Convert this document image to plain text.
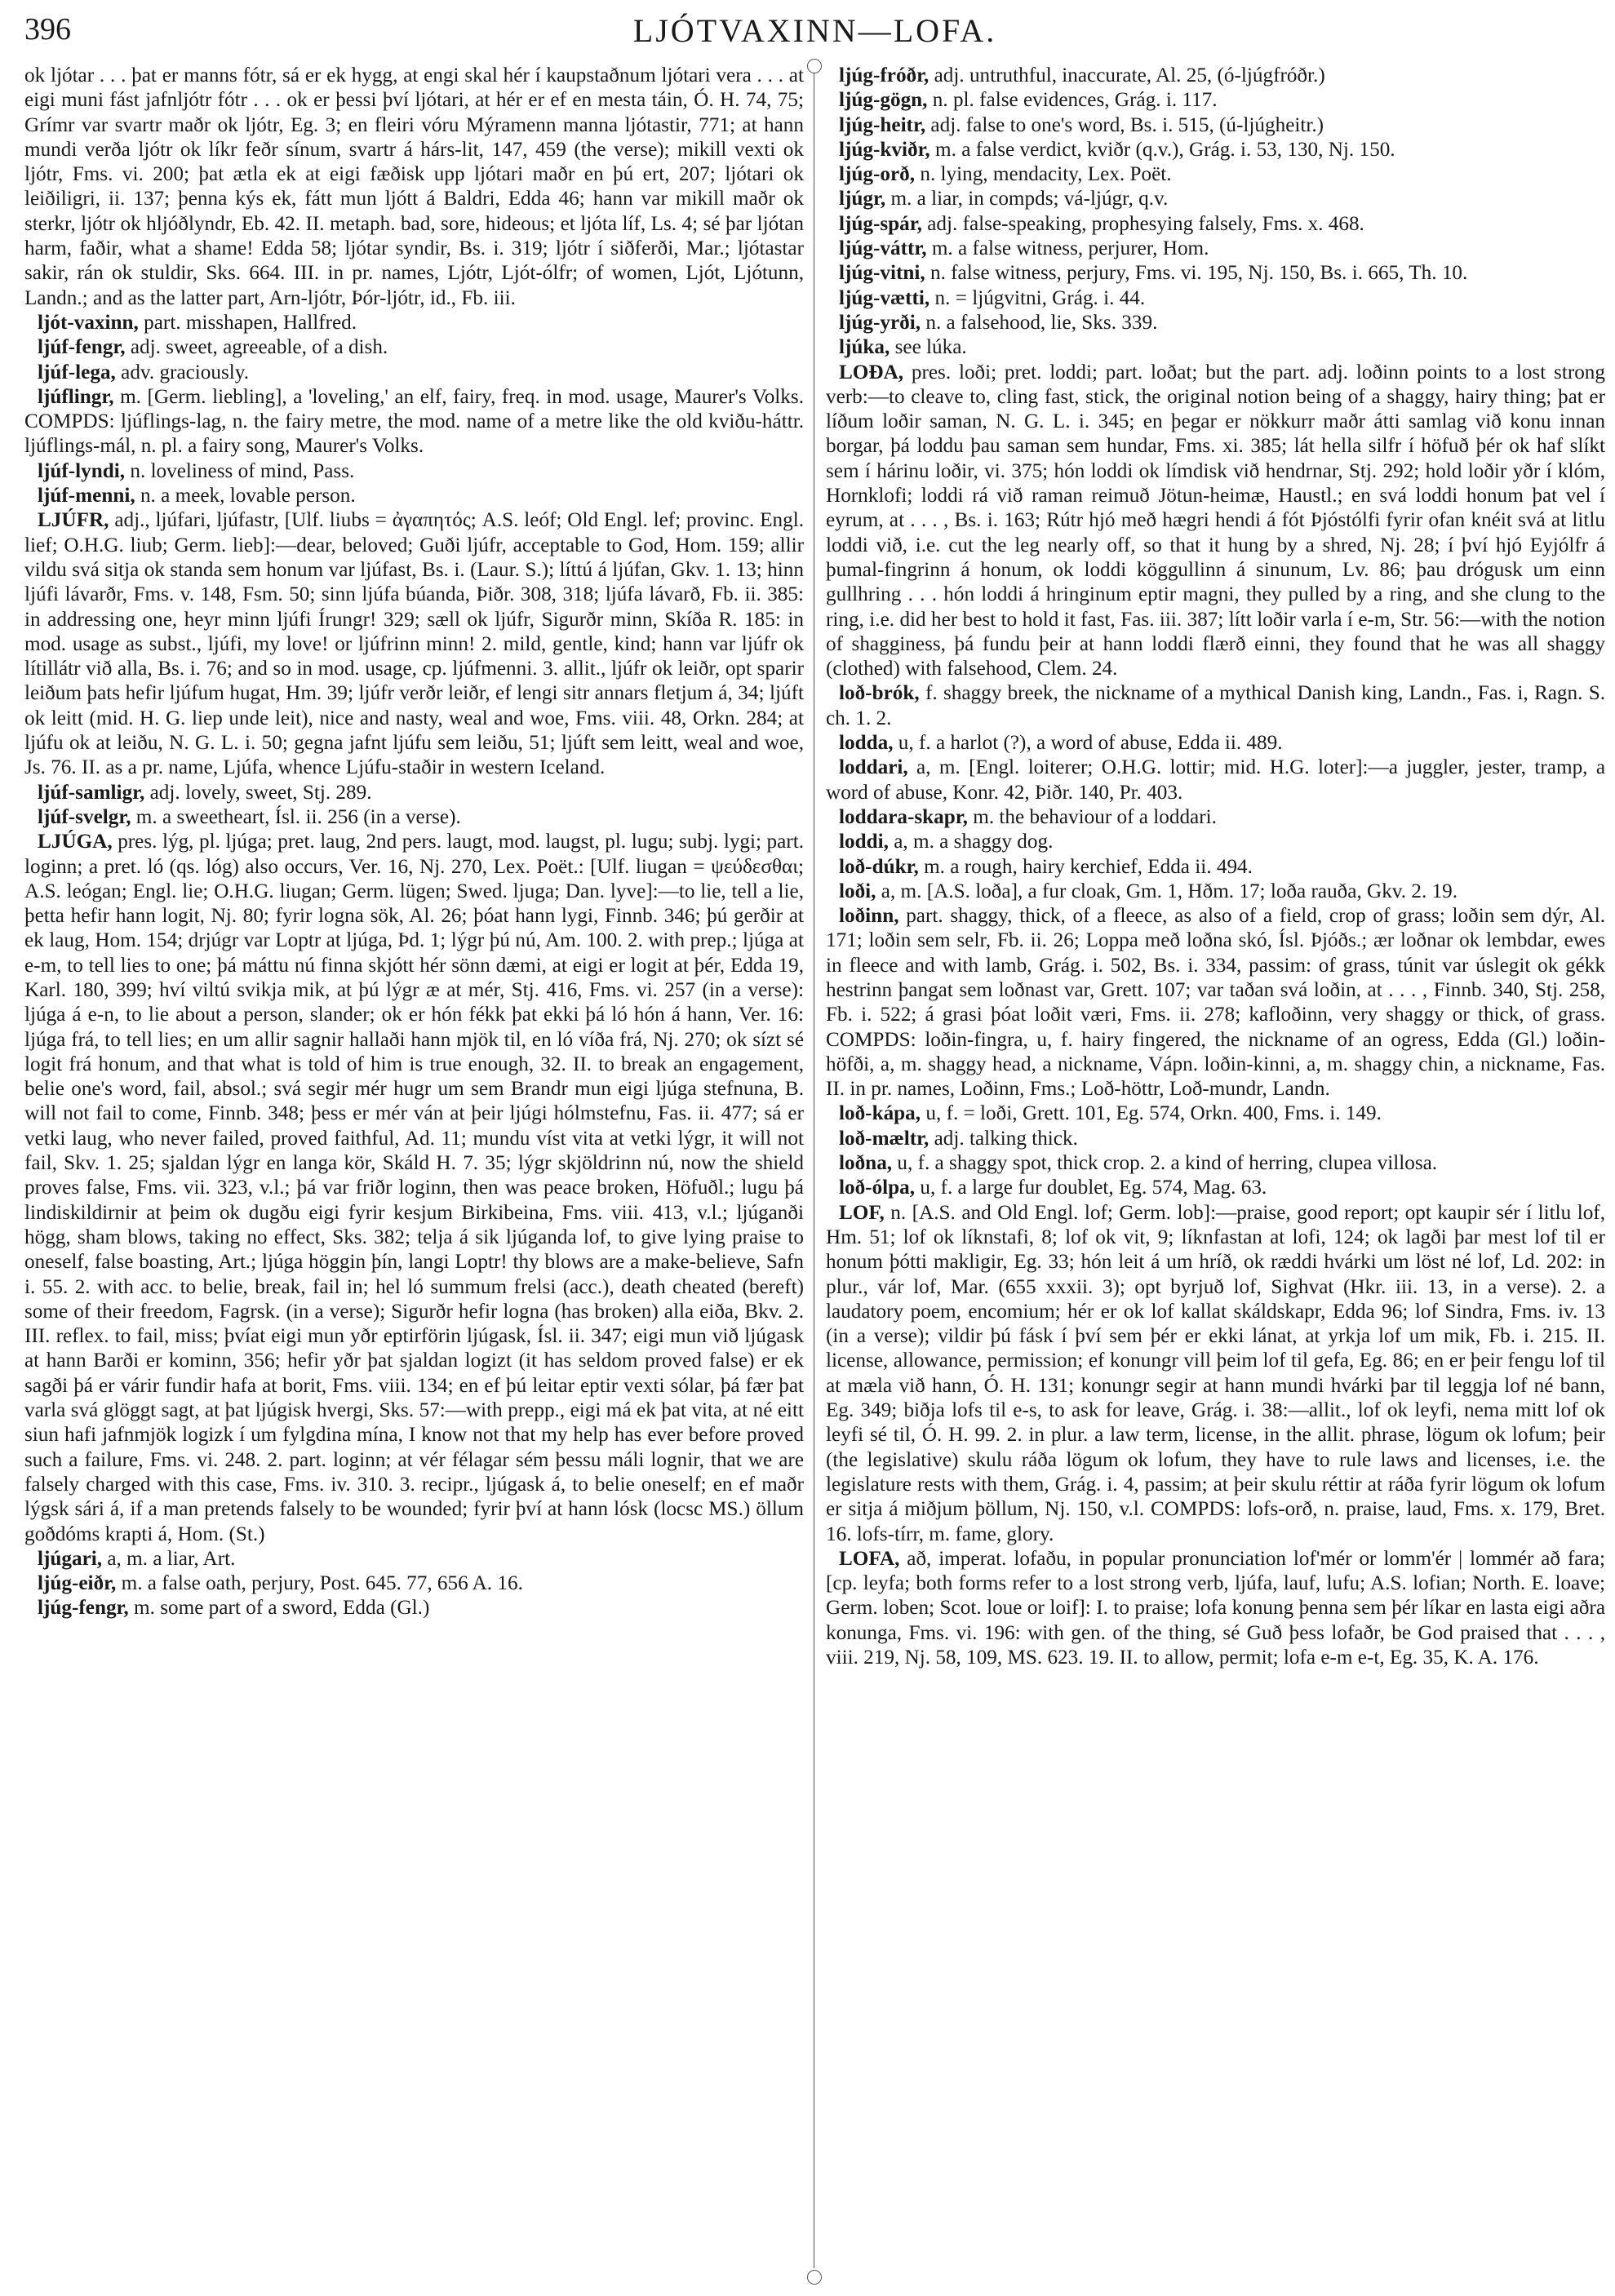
396	LJÓTVAXINN—LOFA.

ok ljótar . . . þat er manns fótr, sá er ek hygg, at engi skal hér í kaupstaðnum ljótari vera . . . at eigi muni fást jafnljótr fótr . . . ok er þessi því ljótari, at hér er ef en mesta táin, Ó. H. 74, 75; Grímr var svartr maðr ok ljótr, Eg. 3; en fleiri vóru Mýramenn manna ljótastir, 771; at hann mundi verða ljótr ok líkr feðr sínum, svartr á hárs-lit, 147, 459 (the verse); mikill vexti ok ljótr, Fms. vi. 200; þat ætla ek at eigi fæðisk upp ljótari maðr en þú ert, 207; ljótari ok leiðiligri, ii. 137; þenna kýs ek, fátt mun ljótt á Baldri, Edda 46; hann var mikill maðr ok sterkr, ljótr ok hljóðlyndr, Eb. 42. II. metaph. bad, sore, hideous; et ljóta líf, Ls. 4; sé þar ljótan harm, faðir, what a shame! Edda 58; ljótar syndir, Bs. i. 319; ljótr í siðferði, Mar.; ljótastar sakir, rán ok stuldir, Sks. 664. III. in pr. names, Ljótr, Ljót-ólfr; of women, Ljót, Ljótunn, Landn.; and as the latter part, Arn-ljótr, Þór-ljótr, id., Fb. iii.

ljót-vaxinn, part. misshapen, Hallfred.

ljúf-fengr, adj. sweet, agreeable, of a dish.

ljúf-lega, adv. graciously.

ljúflingr, m. [Germ. liebling], a 'loveling,' an elf, fairy, freq. in mod. usage, Maurer's Volks. COMPDS: ljúflings-lag, n. the fairy metre, the mod. name of a metre like the old kviðu-háttr. ljúflings-mál, n. pl. a fairy song, Maurer's Volks.

ljúf-lyndi, n. loveliness of mind, Pass.

ljúf-menni, n. a meek, lovable person.

LJÚFR, adj., ljúfari, ljúfastr, [Ulf. liubs = ἀγαπητός; A.S. leóf; Old Engl. lef; provinc. Engl. lief; O.H.G. liub; Germ. lieb]:—dear, beloved; Guði ljúfr, acceptable to God, Hom. 159; allir vildu svá sitja ok standa sem honum var ljúfast, Bs. i. (Laur. S.); líttú á ljúfan, Gkv. 1. 13; hinn ljúfi lávarðr, Fms. v. 148, Fsm. 50; sinn ljúfa búanda, Þiðr. 308, 318; ljúfa lávarð, Fb. ii. 385: in addressing one, heyr minn ljúfi Írungr! 329; sæll ok ljúfr, Sigurðr minn, Skíða R. 185: in mod. usage as subst., ljúfi, my love! or ljúfrinn minn! 2. mild, gentle, kind; hann var ljúfr ok lítillátr við alla, Bs. i. 76; and so in mod. usage, cp. ljúfmenni. 3. allit., ljúfr ok leiðr, opt sparir leiðum þats hefir ljúfum hugat, Hm. 39; ljúfr verðr leiðr, ef lengi sitr annars fletjum á, 34; ljúft ok leitt (mid. H. G. liep unde leit), nice and nasty, weal and woe, Fms. viii. 48, Orkn. 284; at ljúfu ok at leiðu, N. G. L. i. 50; gegna jafnt ljúfu sem leiðu, 51; ljúft sem leitt, weal and woe, Js. 76. II. as a pr. name, Ljúfa, whence Ljúfu-staðir in western Iceland.

ljúf-samligr, adj. lovely, sweet, Stj. 289.

ljúf-svelgr, m. a sweetheart, Ísl. ii. 256 (in a verse).

LJÚGA, pres. lýg, pl. ljúga; pret. laug, 2nd pers. laugt, mod. laugst, pl. lugu; subj. lygi; part. loginn; a pret. ló (qs. lóg) also occurs, Ver. 16, Nj. 270, Lex. Poët.: [Ulf. liugan = ψεύδεσθαι; A.S. leógan; Engl. lie; O.H.G. liugan; Germ. lügen; Swed. ljuga; Dan. lyve]:—to lie, tell a lie, þetta hefir hann logit, Nj. 80; fyrir logna sök, Al. 26; þóat hann lygi, Finnb. 346; þú gerðir at ek laug, Hom. 154; drjúgr var Loptr at ljúga, Þd. 1; lýgr þú nú, Am. 100. 2. with prep.; ljúga at e-m, to tell lies to one; þá máttu nú finna skjótt hér sönn dæmi, at eigi er logit at þér, Edda 19, Karl. 180, 399; hví viltú svikja mik, at þú lýgr æ at mér, Stj. 416, Fms. vi. 257 (in a verse): ljúga á e-n, to lie about a person, slander; ok er hón fékk þat ekki þá ló hón á hann, Ver. 16: ljúga frá, to tell lies; en um allir sagnir hallaði hann mjök til, en ló víða frá, Nj. 270; ok sízt sé logit frá honum, and that what is told of him is true enough, 32. II. to break an engagement, belie one's word, fail, absol.; svá segir mér hugr um sem Brandr mun eigi ljúga stefnuna, B. will not fail to come, Finnb. 348; þess er mér ván at þeir ljúgi hólmstefnu, Fas. ii. 477; sá er vetki laug, who never failed, proved faithful, Ad. 11; mundu víst vita at vetki lýgr, it will not fail, Skv. 1. 25; sjaldan lýgr en langa kör, Skáld H. 7. 35; lýgr skjöldrinn nú, now the shield proves false, Fms. vii. 323, v.l.; þá var friðr loginn, then was peace broken, Höfuðl.; lugu þá lindiskildirnir at þeim ok dugðu eigi fyrir kesjum Birkibeina, Fms. viii. 413, v.l.; ljúganði högg, sham blows, taking no effect, Sks. 382; telja á sik ljúganda lof, to give lying praise to oneself, false boasting, Art.; ljúga höggin þín, langi Loptr! thy blows are a make-believe, Safn i. 55. 2. with acc. to belie, break, fail in; hel ló summum frelsi (acc.), death cheated (bereft) some of their freedom, Fagrsk. (in a verse); Sigurðr hefir logna (has broken) alla eiða, Bkv. 2. III. reflex. to fail, miss; þvíat eigi mun yðr eptirförin ljúgask, Ísl. ii. 347; eigi mun við ljúgask at hann Barði er kominn, 356; hefir yðr þat sjaldan logizt (it has seldom proved false) er ek sagði þá er várir fundir hafa at borit, Fms. viii. 134; en ef þú leitar eptir vexti sólar, þá fær þat varla svá glöggt sagt, at þat ljúgisk hvergi, Sks. 57:—with prepp., eigi má ek þat vita, at né eitt siun hafi jafnmjök logizk í um fylgdina mína, I know not that my help has ever before proved such a failure, Fms. vi. 248. 2. part. loginn; at vér félagar sém þessu máli lognir, that we are falsely charged with this case, Fms. iv. 310. 3. recipr., ljúgask á, to belie oneself; en ef maðr lýgsk sári á, if a man pretends falsely to be wounded; fyrir því at hann lósk (locsc MS.) öllum goðdóms krapti á, Hom. (St.)

ljúgari, a, m. a liar, Art.

ljúg-eiðr, m. a false oath, perjury, Post. 645. 77, 656 A. 16.

ljúg-fengr, m. some part of a sword, Edda (Gl.)

ljúg-fróðr, adj. untruthful, inaccurate, Al. 25, (ó-ljúgfróðr.)

ljúg-gögn, n. pl. false evidences, Grág. i. 117.

ljúg-heitr, adj. false to one's word, Bs. i. 515, (ú-ljúgheitr.)

ljúg-kviðr, m. a false verdict, kviðr (q.v.), Grág. i. 53, 130, Nj. 150.

ljúg-orð, n. lying, mendacity, Lex. Poët.

ljúgr, m. a liar, in compds; vá-ljúgr, q.v.

ljúg-spár, adj. false-speaking, prophesying falsely, Fms. x. 468.

ljúg-váttr, m. a false witness, perjurer, Hom.

ljúg-vitni, n. false witness, perjury, Fms. vi. 195, Nj. 150, Bs. i. 665, Th. 10.

ljúg-vætti, n. = ljúgvitni, Grág. i. 44.

ljúg-yrði, n. a falsehood, lie, Sks. 339.

ljúka, see lúka.

LOÐA, pres. loði; pret. loddi; part. loðat; but the part. adj. loðinn points to a lost strong verb:—to cleave to, cling fast, stick, the original notion being of a shaggy, hairy thing; þat er líðum loðir saman, N. G. L. i. 345; en þegar er nökkurr maðr átti samlag við konu innan borgar, þá loddu þau saman sem hundar, Fms. xi. 385; lát hella silfr í höfuð þér ok haf slíkt sem í hárinu loðir, vi. 375; hón loddi ok límdisk við hendrnar, Stj. 292; hold loðir yðr í klóm, Hornklofi; loddi rá við raman reimuð Jötun-heimæ, Haustl.; en svá loddi honum þat vel í eyrum, at . . . , Bs. i. 163; Rútr hjó með hægri hendi á fót Þjóstólfi fyrir ofan knéit svá at litlu loddi við, i.e. cut the leg nearly off, so that it hung by a shred, Nj. 28; í því hjó Eyjólfr á þumal-fingrinn á honum, ok loddi köggullinn á sinunum, Lv. 86; þau drógusk um einn gullhring . . . hón loddi á hringinum eptir magni, they pulled by a ring, and she clung to the ring, i.e. did her best to hold it fast, Fas. iii. 387; lítt loðir varla í e-m, Str. 56:—with the notion of shagginess, þá fundu þeir at hann loddi flærð einni, they found that he was all shaggy (clothed) with falsehood, Clem. 24.

loð-brók, f. shaggy breek, the nickname of a mythical Danish king, Landn., Fas. i, Ragn. S. ch. 1. 2.

lodda, u, f. a harlot (?), a word of abuse, Edda ii. 489.

loddari, a, m. [Engl. loiterer; O.H.G. lottir; mid. H.G. loter]:—a juggler, jester, tramp, a word of abuse, Konr. 42, Þiðr. 140, Pr. 403.

loddara-skapr, m. the behaviour of a loddari.

loddi, a, m. a shaggy dog.

loð-dúkr, m. a rough, hairy kerchief, Edda ii. 494.

loði, a, m. [A.S. loða], a fur cloak, Gm. 1, Hðm. 17; loða rauða, Gkv. 2. 19.

loðinn, part. shaggy, thick, of a fleece, as also of a field, crop of grass; loðin sem dýr, Al. 171; loðin sem selr, Fb. ii. 26; Loppa með loðna skó, Ísl. Þjóðs.; ær loðnar ok lembdar, ewes in fleece and with lamb, Grág. i. 502, Bs. i. 334, passim: of grass, túnit var úslegit ok gékk hestrinn þangat sem loðnast var, Grett. 107; var taðan svá loðin, at . . . , Finnb. 340, Stj. 258, Fb. i. 522; á grasi þóat loðit væri, Fms. ii. 278; kafloðinn, very shaggy or thick, of grass. COMPDS: loðin-fingra, u, f. hairy fingered, the nickname of an ogress, Edda (Gl.) loðin-höfði, a, m. shaggy head, a nickname, Vápn. loðin-kinni, a, m. shaggy chin, a nickname, Fas. II. in pr. names, Loðinn, Fms.; Loð-höttr, Loð-mundr, Landn.

loð-kápa, u, f. = loði, Grett. 101, Eg. 574, Orkn. 400, Fms. i. 149.

loð-mæltr, adj. talking thick.

loðna, u, f. a shaggy spot, thick crop. 2. a kind of herring, clupea villosa.

loð-ólpa, u, f. a large fur doublet, Eg. 574, Mag. 63.

LOF, n. [A.S. and Old Engl. lof; Germ. lob]:—praise, good report; opt kaupir sér í litlu lof, Hm. 51; lof ok líknstafi, 8; lof ok vit, 9; líknfastan at lofi, 124; ok lagði þar mest lof til er honum þótti makligir, Eg. 33; hón leit á um hríð, ok ræddi hvárki um löst né lof, Ld. 202: in plur., vár lof, Mar. (655 xxxii. 3); opt byrjuð lof, Sighvat (Hkr. iii. 13, in a verse). 2. a laudatory poem, encomium; hér er ok lof kallat skáldskapr, Edda 96; lof Sindra, Fms. iv. 13 (in a verse); vildir þú fásk í því sem þér er ekki lánat, at yrkja lof um mik, Fb. i. 215. II. license, allowance, permission; ef konungr vill þeim lof til gefa, Eg. 86; en er þeir fengu lof til at mæla við hann, Ó. H. 131; konungr segir at hann mundi hvárki þar til leggja lof né bann, Eg. 349; biðja lofs til e-s, to ask for leave, Grág. i. 38:—allit., lof ok leyfi, nema mitt lof ok leyfi sé til, Ó. H. 99. 2. in plur. a law term, license, in the allit. phrase, lögum ok lofum; þeir (the legislative) skulu ráða lögum ok lofum, they have to rule laws and licenses, i.e. the legislature rests with them, Grág. i. 4, passim; at þeir skulu réttir at ráða fyrir lögum ok lofum er sitja á miðjum þöllum, Nj. 150, v.l. COMPDS: lofs-orð, n. praise, laud, Fms. x. 179, Bret. 16. lofs-tírr, m. fame, glory.

LOFA, að, imperat. lofaðu, in popular pronunciation lof'mér or lomm'ér | lommér að fara; [cp. leyfa; both forms refer to a lost strong verb, ljúfa, lauf, lufu; A.S. lofian; North. E. loave; Germ. loben; Scot. loue or loif]: I. to praise; lofa konung þenna sem þér líkar en lasta eigi aðra konunga, Fms. vi. 196: with gen. of the thing, sé Guð þess lofaðr, be God praised that . . . , viii. 219, Nj. 58, 109, MS. 623. 19. II. to allow, permit; lofa e-m e-t, Eg. 35, K. A. 176.
